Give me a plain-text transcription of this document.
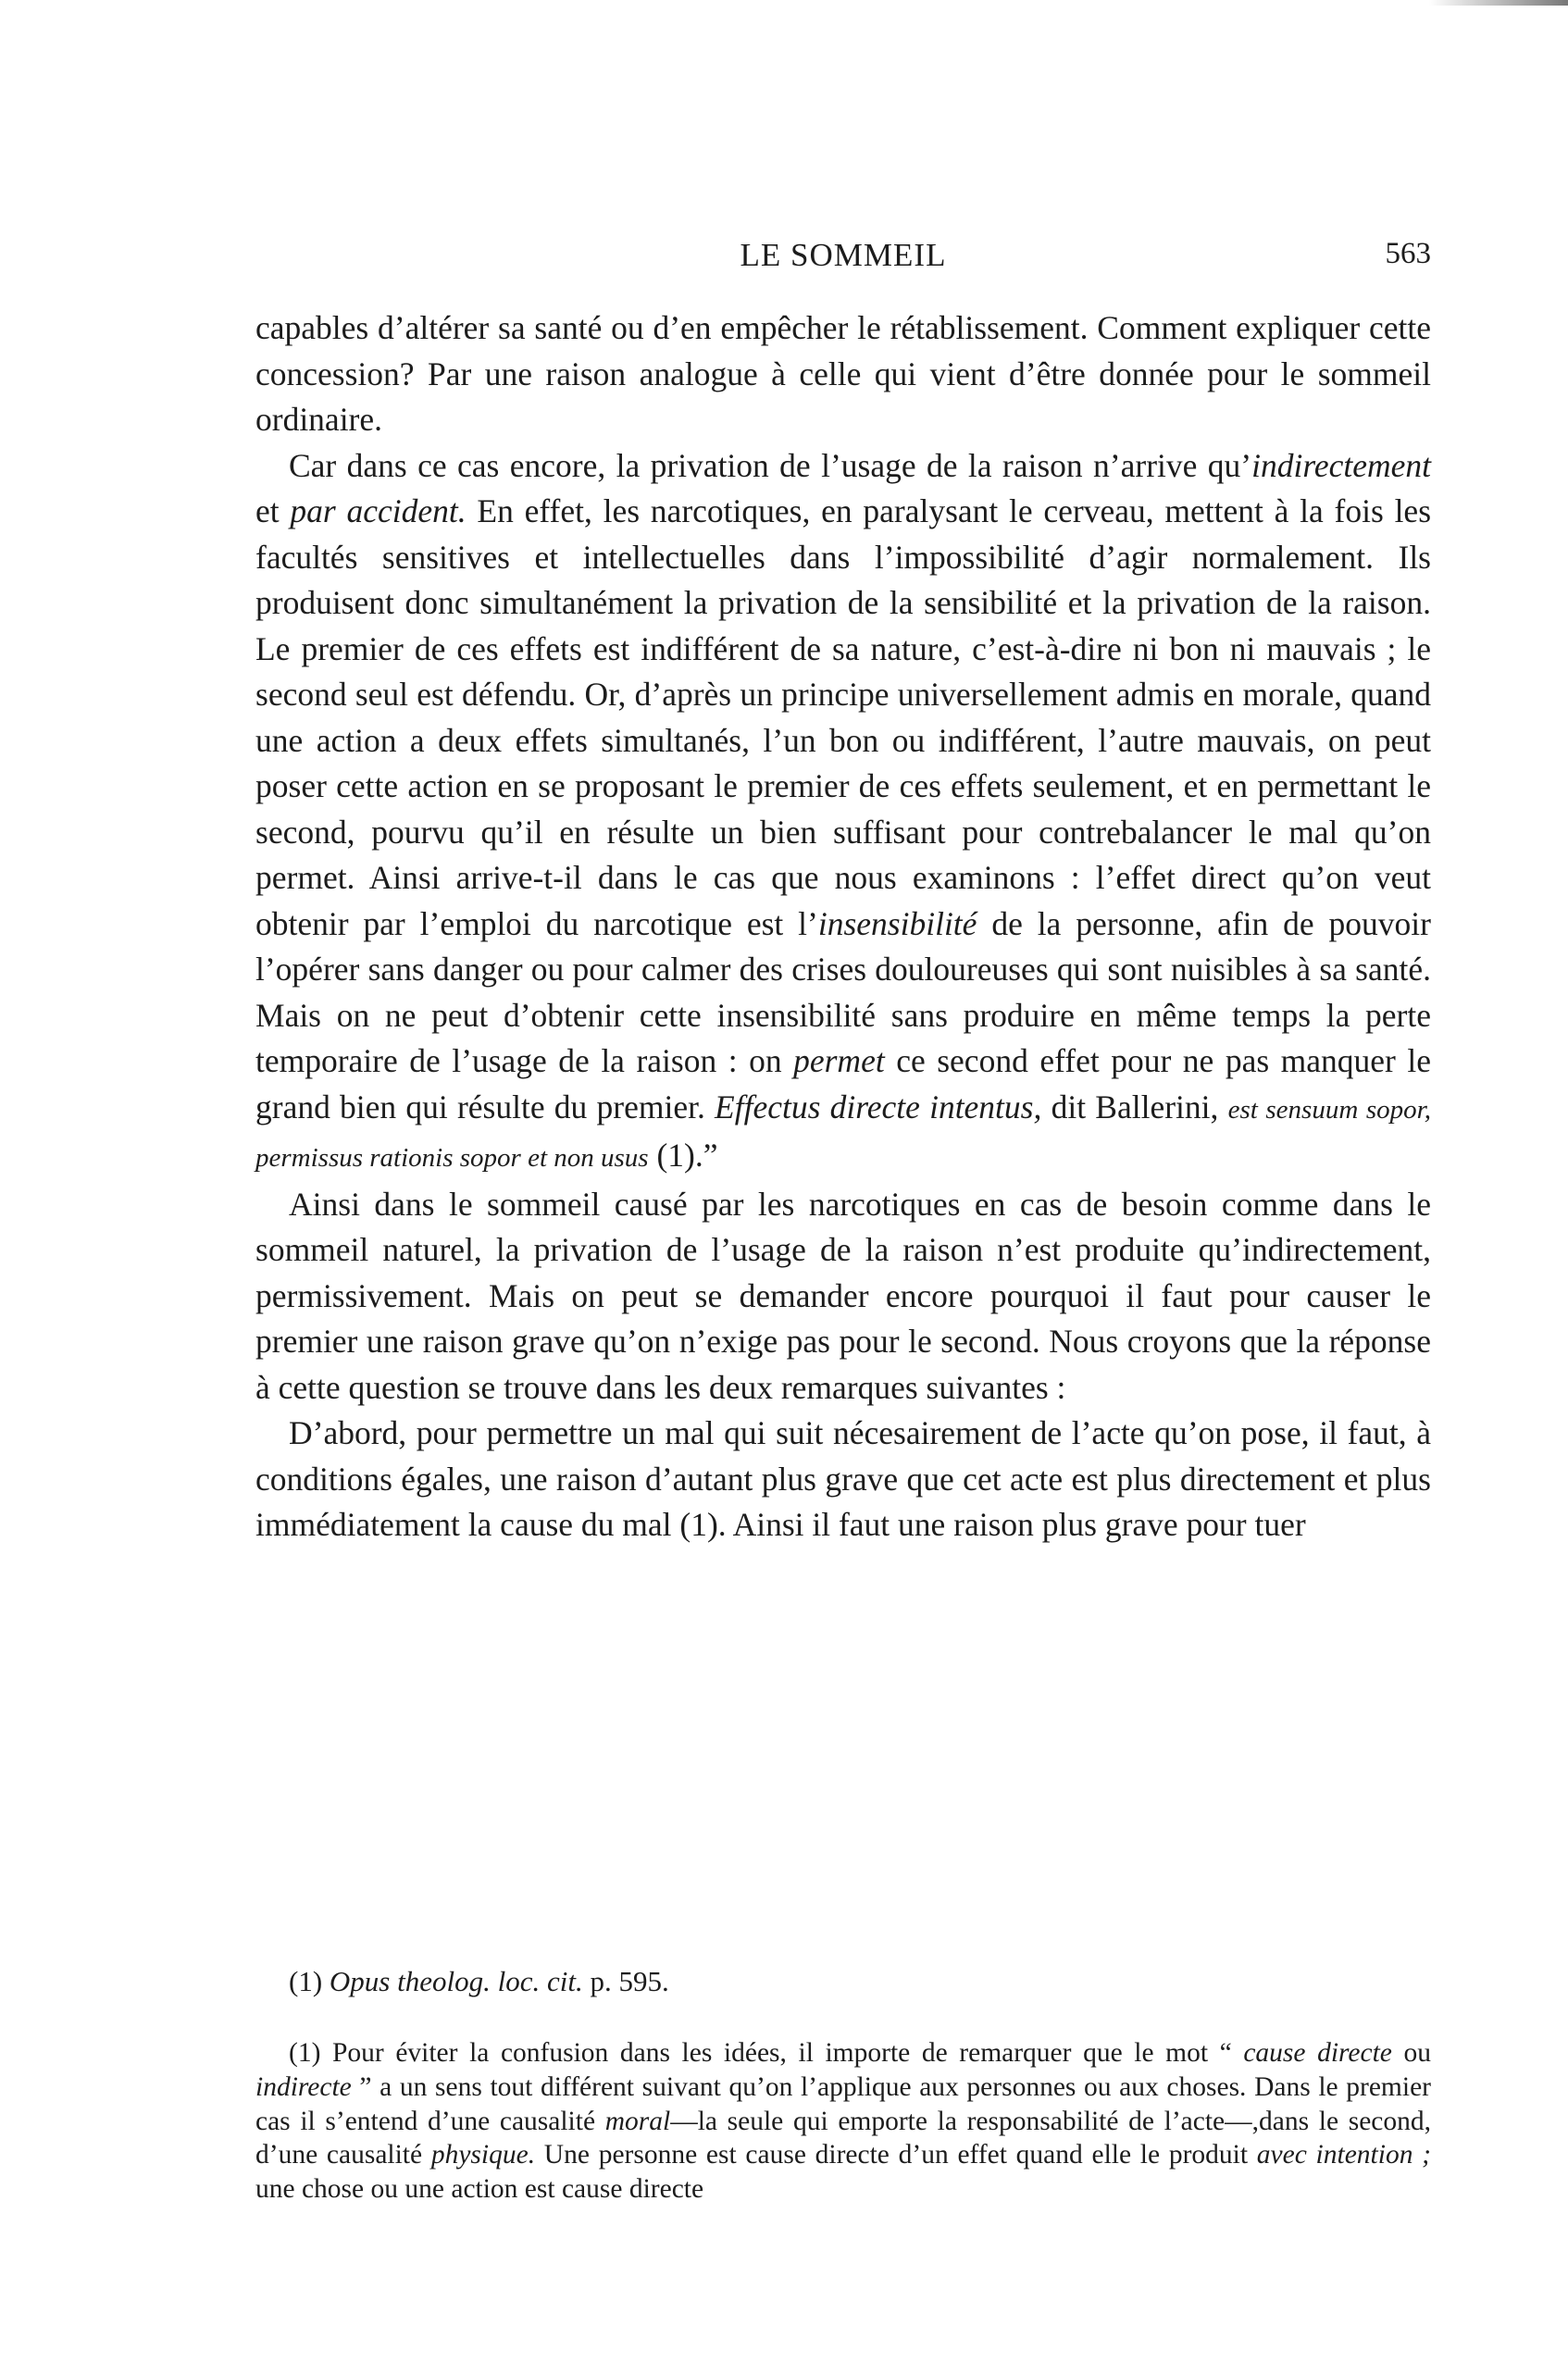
LE SOMMEIL	563

capables d’altérer sa santé ou d’en empêcher le rétablissement. Comment expliquer cette concession? Par une raison analogue à celle qui vient d’être donnée pour le sommeil ordinaire.

Car dans ce cas encore, la privation de l’usage de la raison n’arrive qu’indirectement et par accident. En effet, les narcotiques, en paralysant le cerveau, mettent à la fois les facultés sensitives et intellectuelles dans l’impossibilité d’agir normalement. Ils produisent donc simultanément la privation de la sensibilité et la privation de la raison. Le premier de ces effets est indifférent de sa nature, c’est-à-dire ni bon ni mauvais ; le second seul est défendu. Or, d’après un principe universellement admis en morale, quand une action a deux effets simultanés, l’un bon ou indifférent, l’autre mauvais, on peut poser cette action en se proposant le premier de ces effets seulement, et en permettant le second, pourvu qu’il en résulte un bien suffisant pour contrebalancer le mal qu’on permet. Ainsi arrive-t-il dans le cas que nous examinons : l’effet direct qu’on veut obtenir par l’emploi du narcotique est l’insensibilité de la personne, afin de pouvoir l’opérer sans danger ou pour calmer des crises douloureuses qui sont nuisibles à sa santé. Mais on ne peut d’obtenir cette insensibilité sans produire en même temps la perte temporaire de l’usage de la raison : on permet ce second effet pour ne pas manquer le grand bien qui résulte du premier. Effectus directe intentus, dit Ballerini, est sensuum sopor, permissus rationis sopor et non usus (1).”

Ainsi dans le sommeil causé par les narcotiques en cas de besoin comme dans le sommeil naturel, la privation de l’usage de la raison n’est produite qu’indirectement, permissivement. Mais on peut se demander encore pourquoi il faut pour causer le premier une raison grave qu’on n’exige pas pour le second. Nous croyons que la réponse à cette question se trouve dans les deux remarques suivantes :

D’abord, pour permettre un mal qui suit nécesairement de l’acte qu’on pose, il faut, à conditions égales, une raison d’autant plus grave que cet acte est plus directement et plus immédiatement la cause du mal (1). Ainsi il faut une raison plus grave pour tuer

(1) Opus theolog. loc. cit. p. 595.

(1) Pour éviter la confusion dans les idées, il importe de remarquer que le mot “ cause directe ou indirecte ” a un sens tout différent suivant qu’on l’applique aux personnes ou aux choses. Dans le premier cas il s’entend d’une causalité moral—la seule qui emporte la responsabilité de l’acte—,dans le second, d’une causalité physique. Une personne est cause directe d’un effet quand elle le produit avec intention ; une chose ou une action est cause directe
